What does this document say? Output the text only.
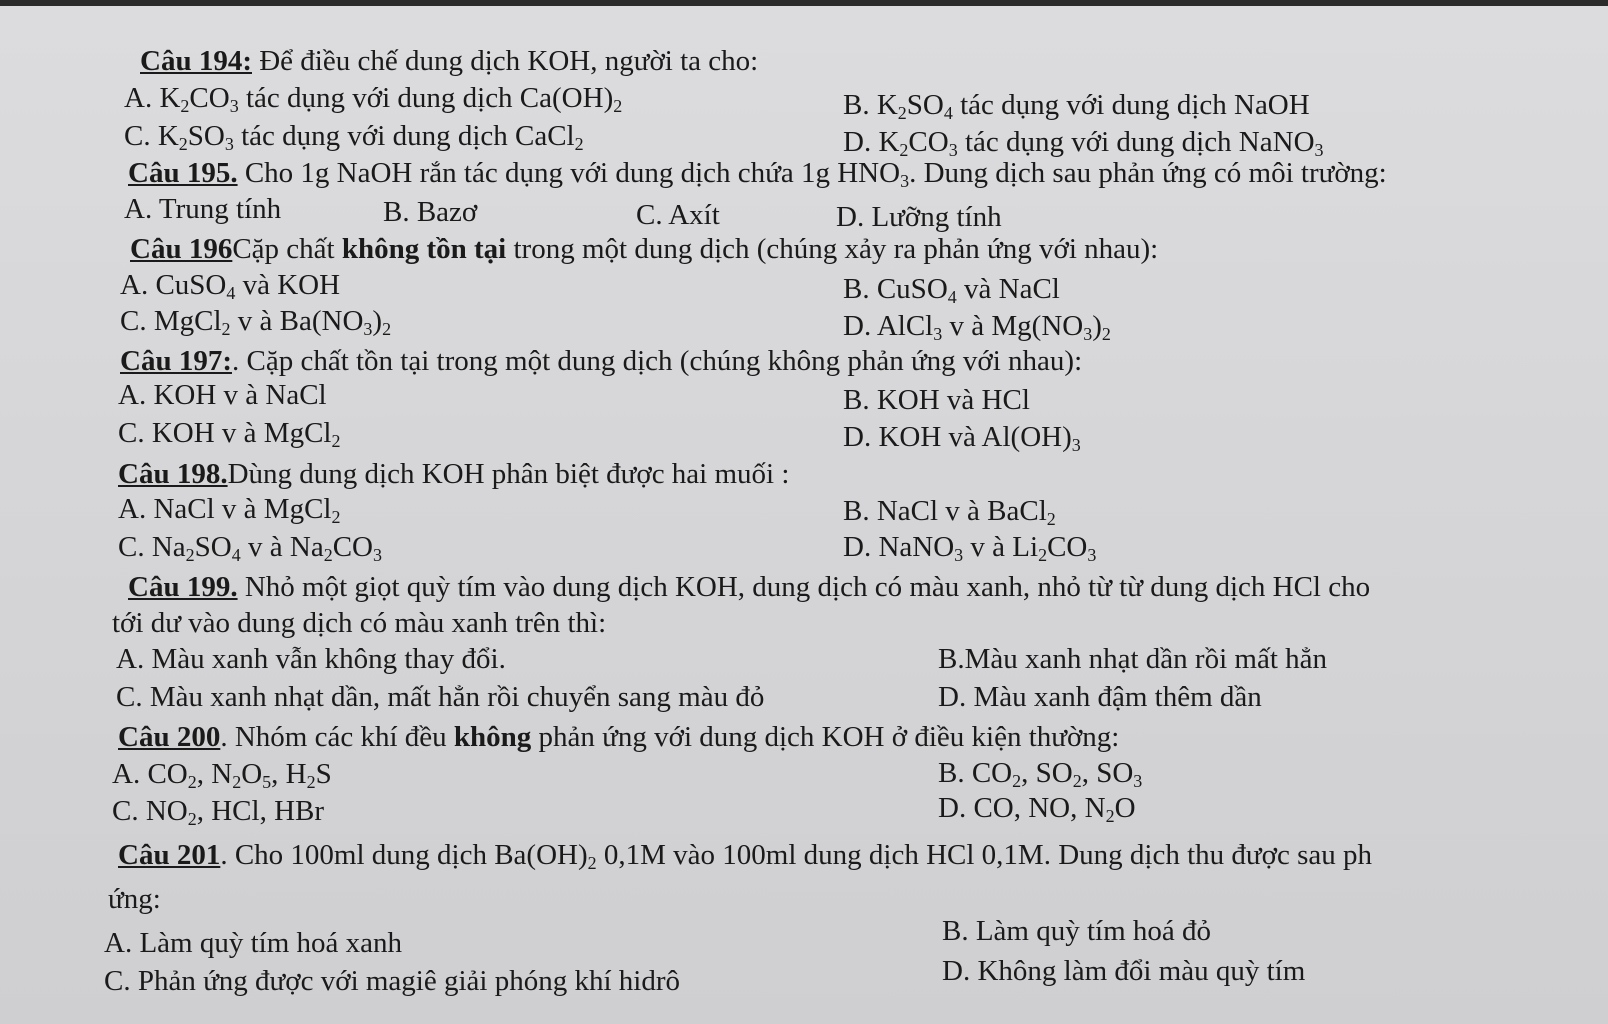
Câu 194: Để điều chế dung dịch KOH, người ta cho:
A. $K_2CO_3$ tác dụng với dung dịch $Ca(OH)_2$	B. $K_2SO_4$ tác dụng với dung dịch NaOH
C. $K_2SO_3$ tác dụng với dung dịch CaCl$_2$	D. $K_2CO_3$ tác dụng với dung dịch NaNO$_3$
Câu 195. Cho 1g NaOH rắn tác dụng với dung dịch chứa 1g $HNO_3$. Dung dịch sau phản ứng có môi trường:
A. Trung tính	B. Bazơ	C. Axít	D. Lưỡng tính
Câu 196Cặp chất không tồn tại trong một dung dịch (chúng xảy ra phản ứng với nhau):
A. CuSO$_4$ và KOH	B. CuSO$_4$ và NaCl
C. MgCl$_2$ v à $Ba(NO_3)_2$	D. AlCl$_3$ v à $Mg(NO_3)_2$
Câu 197:. Cặp chất tồn tại trong một dung dịch (chúng không phản ứng với nhau):
A. KOH v à NaCl	B. KOH và HCl
C. KOH v à MgCl$_2$	D. KOH và $Al(OH)_3$
Câu 198.Dùng dung dịch KOH phân biệt được hai muối :
A. NaCl v à MgCl$_2$	B. NaCl v à BaCl$_2$
C. $Na_2SO_4$ v à $Na_2CO_3$	D. NaNO$_3$ v à $Li_2CO_3$
Câu 199. Nhỏ một giọt quỳ tím vào dung dịch KOH, dung dịch có màu xanh, nhỏ từ từ dung dịch HCl cho
tới dư vào dung dịch có màu xanh trên thì:
A. Màu xanh vẫn không thay đổi.	B.Màu xanh nhạt dần rồi mất hẳn
C. Màu xanh nhạt dần, mất hẳn rồi chuyển sang màu đỏ	D. Màu xanh đậm thêm dần
Câu 200. Nhóm các khí đều không phản ứng với dung dịch KOH ở điều kiện thường:
A. $CO_2$, $N_2O_5$, $H_2S$	B. $CO_2$, $SO_2$, $SO_3$
C. $NO_2$, HCl, HBr	D. CO, NO, $N_2O$
Câu 201. Cho 100ml dung dịch $Ba(OH)_2$ 0,1M vào 100ml dung dịch HCl 0,1M. Dung dịch thu được sau ph
ứng:
A. Làm quỳ tím hoá xanh	B. Làm quỳ tím hoá đỏ
C. Phản ứng được với magiê giải phóng khí hidrô	D. Không làm đổi màu quỳ tím
